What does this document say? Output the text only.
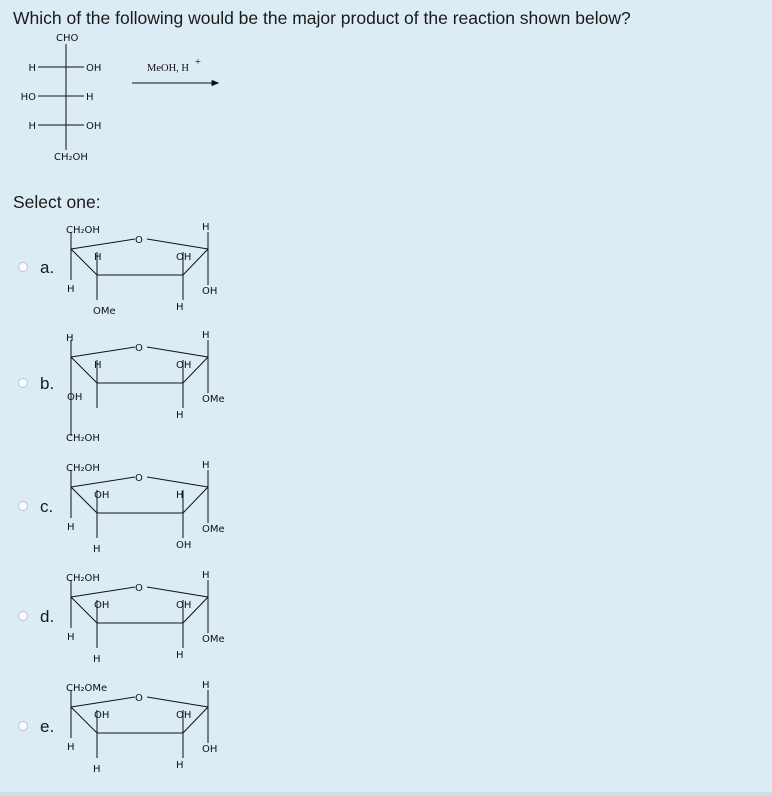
Which of the following would be the major product of the reaction shown below?
CHO
H	OH
HO	H
H	OH
CH₂OH
MeOH, H
+
Select one:
a.
b.
c.
d.
e.
O
CH₂OH
H
H
OMe
OH
H
H
OH
O
H
H
OH
OH
H
H
OMe
CH₂OH
O
CH₂OH
OH
H
H
H
OH
H
OMe
O
CH₂OH
OH
H
H
OH
H
H
OMe
O
CH₂OMe
OH
H
H
OH
H
H
OH
